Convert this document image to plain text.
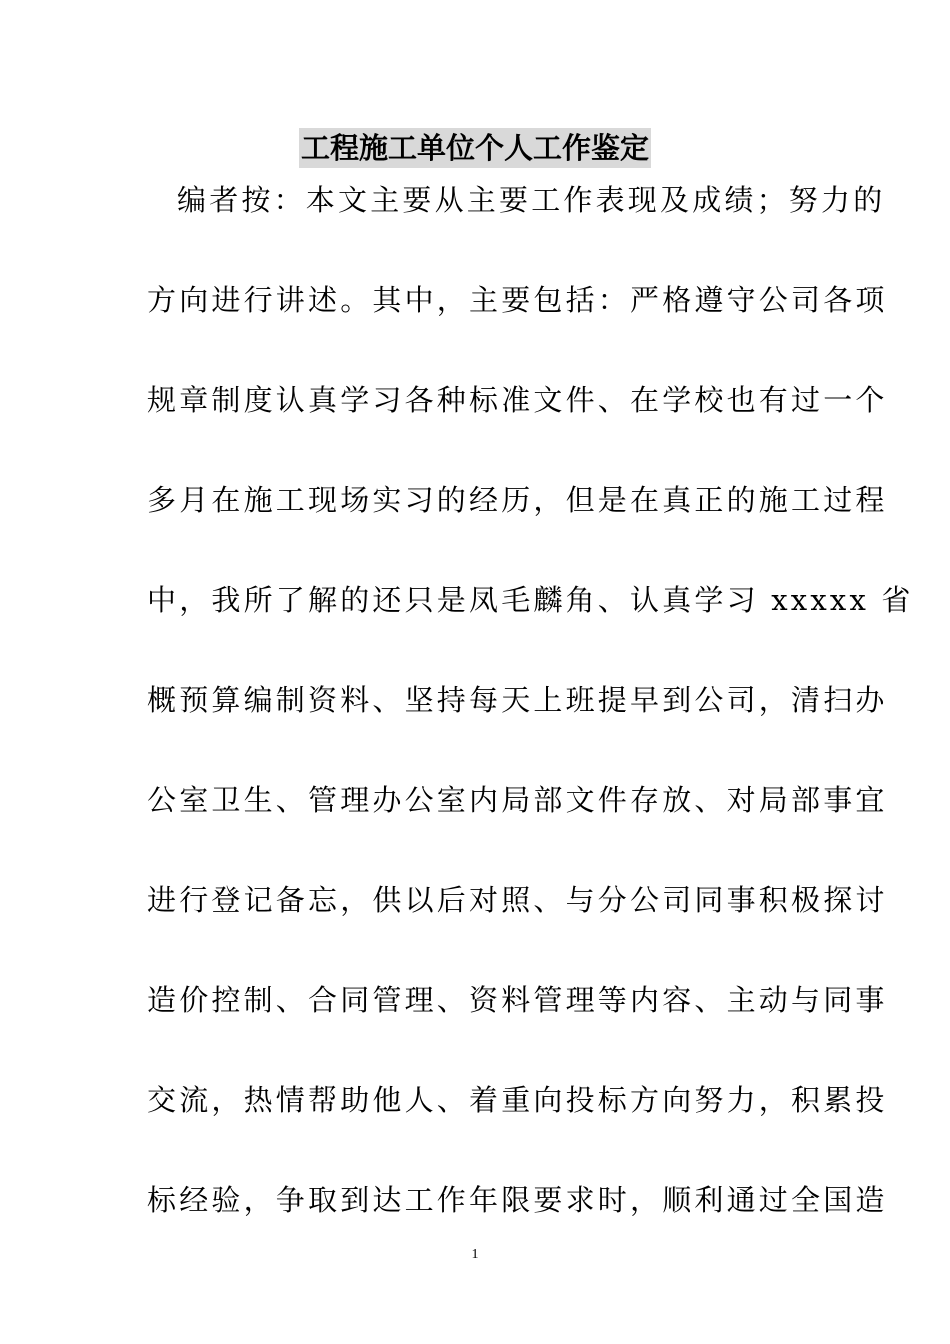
工程施工单位个人工作鉴定
编者按：本文主要从主要工作表现及成绩；努力的
方向进行讲述。其中，主要包括：严格遵守公司各项
规章制度认真学习各种标准文件、在学校也有过一个
多月在施工现场实习的经历，但是在真正的施工过程
中，我所了解的还只是凤毛麟角、认真学习 xxxxx 省
概预算编制资料、坚持每天上班提早到公司，清扫办
公室卫生、管理办公室内局部文件存放、对局部事宜
进行登记备忘，供以后对照、与分公司同事积极探讨
造价控制、合同管理、资料管理等内容、主动与同事
交流，热情帮助他人、着重向投标方向努力，积累投
标经验，争取到达工作年限要求时，顺利通过全国造
1
